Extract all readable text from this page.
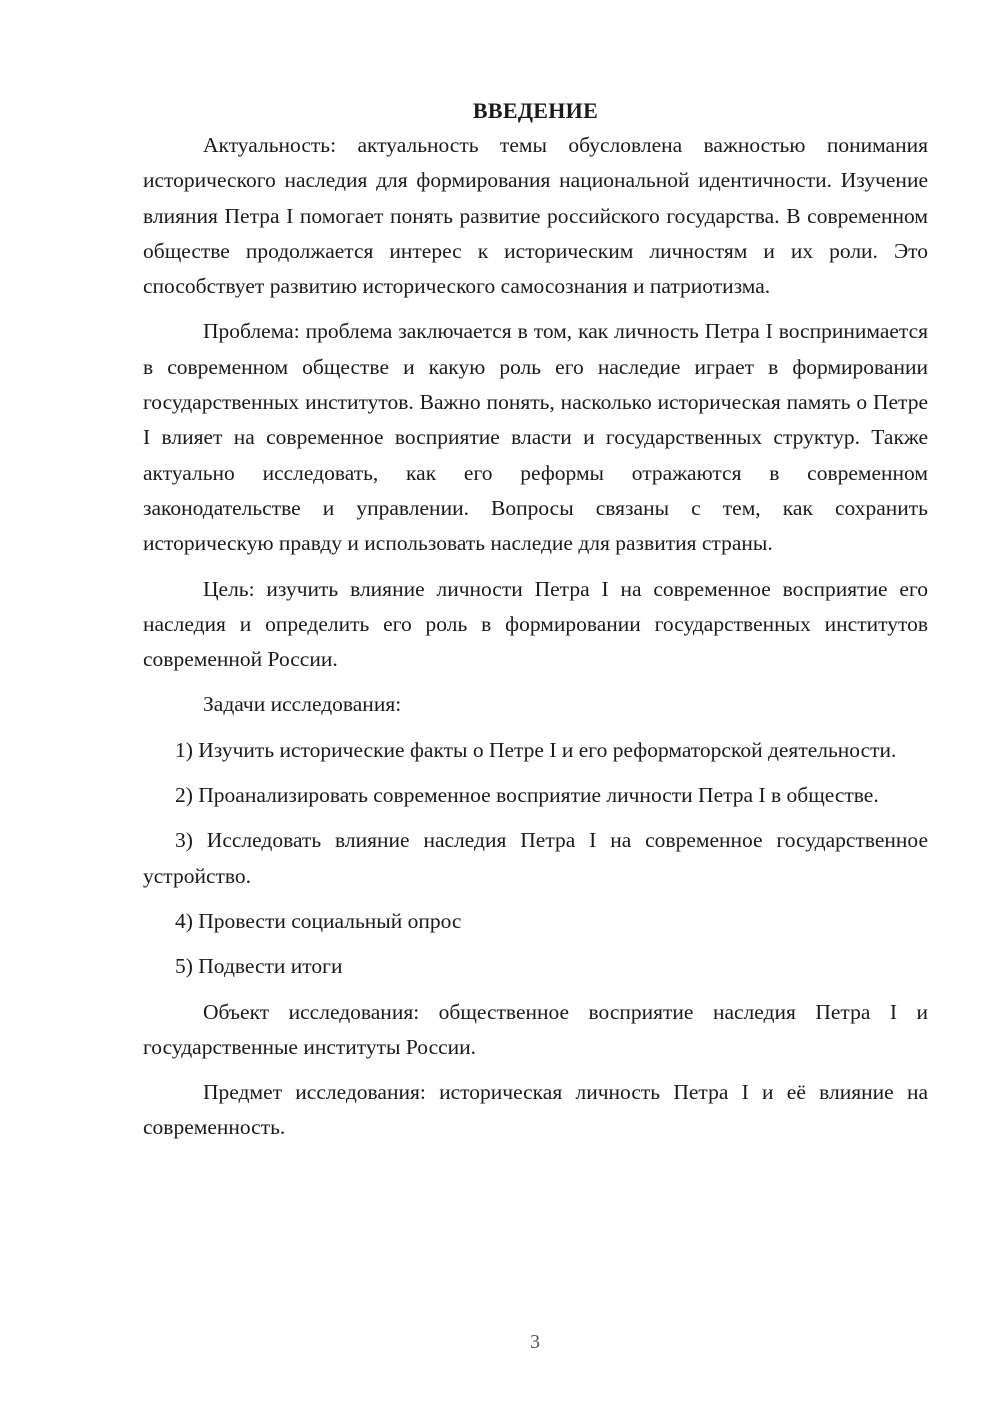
ВВЕДЕНИЕ

Актуальность: актуальность темы обусловлена важностью понимания исторического наследия для формирования национальной идентичности. Изучение влияния Петра I помогает понять развитие российского государства. В современном обществе продолжается интерес к историческим личностям и их роли. Это способствует развитию исторического самосознания и патриотизма.

Проблема: проблема заключается в том, как личность Петра I воспринимается в современном обществе и какую роль его наследие играет в формировании государственных институтов. Важно понять, насколько историческая память о Петре I влияет на современное восприятие власти и государственных структур. Также актуально исследовать, как его реформы отражаются в современном законодательстве и управлении. Вопросы связаны с тем, как сохранить историческую правду и использовать наследие для развития страны.

Цель: изучить влияние личности Петра I на современное восприятие его наследия и определить его роль в формировании государственных институтов современной России.

Задачи исследования:

1) Изучить исторические факты о Петре I и его реформаторской деятельности.

2) Проанализировать современное восприятие личности Петра I в обществе.

3) Исследовать влияние наследия Петра I на современное государственное устройство.

4) Провести социальный опрос

5) Подвести итоги

Объект исследования: общественное восприятие наследия Петра I и государственные институты России.

Предмет исследования: историческая личность Петра I и её влияние на современность.

3
